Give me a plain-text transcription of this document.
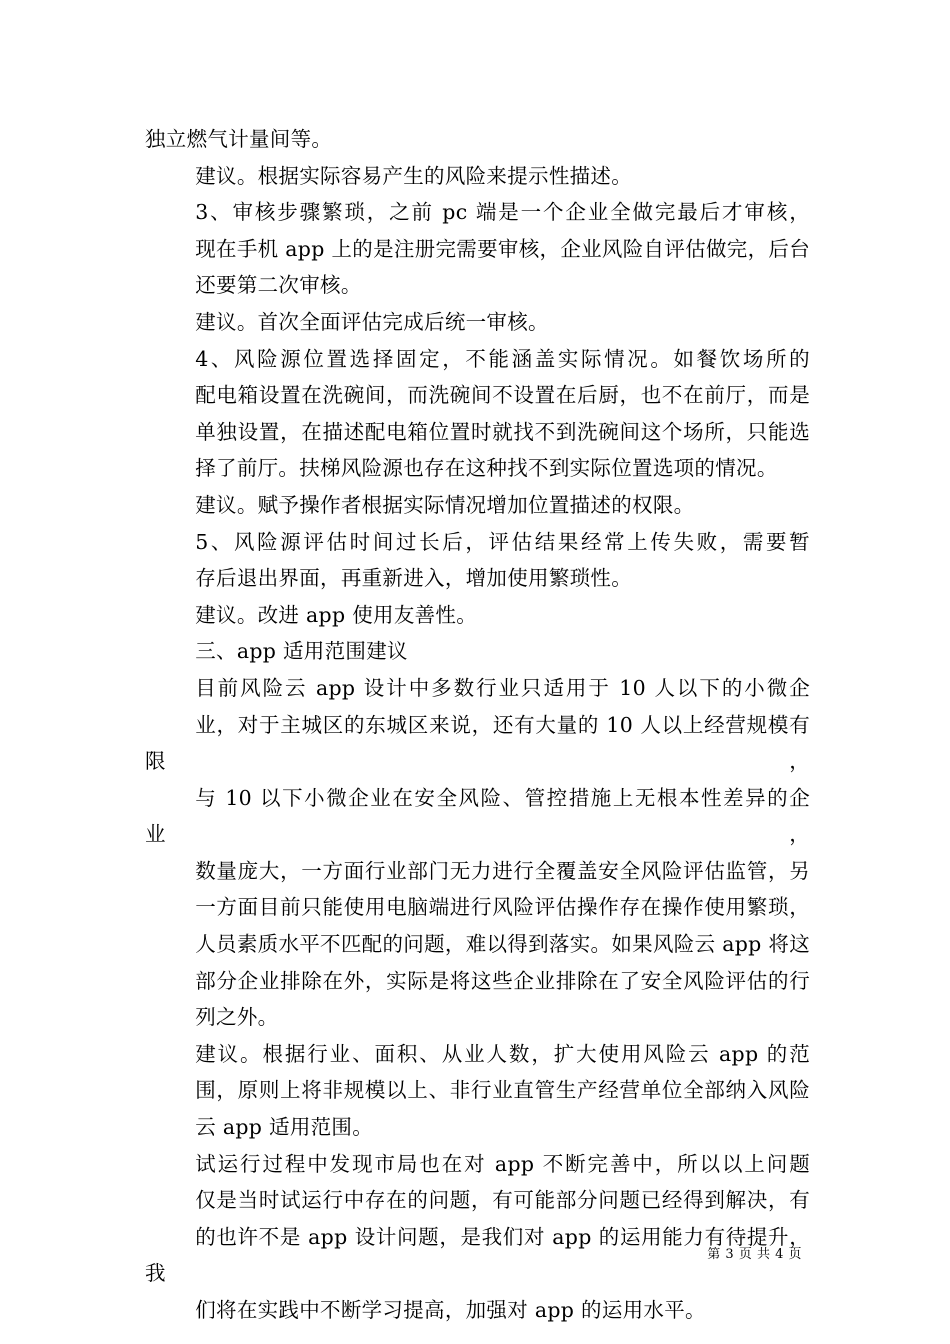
独立燃气计量间等。

建议。根据实际容易产生的风险来提示性描述。

3、审核步骤繁琐，之前 pc 端是一个企业全做完最后才审核，
现在手机 app 上的是注册完需要审核，企业风险自评估做完，后台
还要第二次审核。

建议。首次全面评估完成后统一审核。

4、风险源位置选择固定，不能涵盖实际情况。如餐饮场所的
配电箱设置在洗碗间，而洗碗间不设置在后厨，也不在前厅，而是
单独设置，在描述配电箱位置时就找不到洗碗间这个场所，只能选
择了前厅。扶梯风险源也存在这种找不到实际位置选项的情况。

建议。赋予操作者根据实际情况增加位置描述的权限。

5、风险源评估时间过长后，评估结果经常上传失败，需要暂
存后退出界面，再重新进入，增加使用繁琐性。

建议。改进 app 使用友善性。

三、app 适用范围建议

目前风险云 app 设计中多数行业只适用于 10 人以下的小微企
业，对于主城区的东城区来说，还有大量的 10 人以上经营规模有限，
与 10 以下小微企业在安全风险、管控措施上无根本性差异的企业，
数量庞大，一方面行业部门无力进行全覆盖安全风险评估监管，另
一方面目前只能使用电脑端进行风险评估操作存在操作使用繁琐，
人员素质水平不匹配的问题，难以得到落实。如果风险云 app 将这
部分企业排除在外，实际是将这些企业排除在了安全风险评估的行
列之外。

建议。根据行业、面积、从业人数，扩大使用风险云 app 的范
围，原则上将非规模以上、非行业直管生产经营单位全部纳入风险
云 app 适用范围。

试运行过程中发现市局也在对 app 不断完善中，所以以上问题
仅是当时试运行中存在的问题，有可能部分问题已经得到解决，有
的也许不是 app 设计问题，是我们对 app 的运用能力有待提升，我
们将在实践中不断学习提高，加强对 app 的运用水平。

第 3 页 共 4 页
